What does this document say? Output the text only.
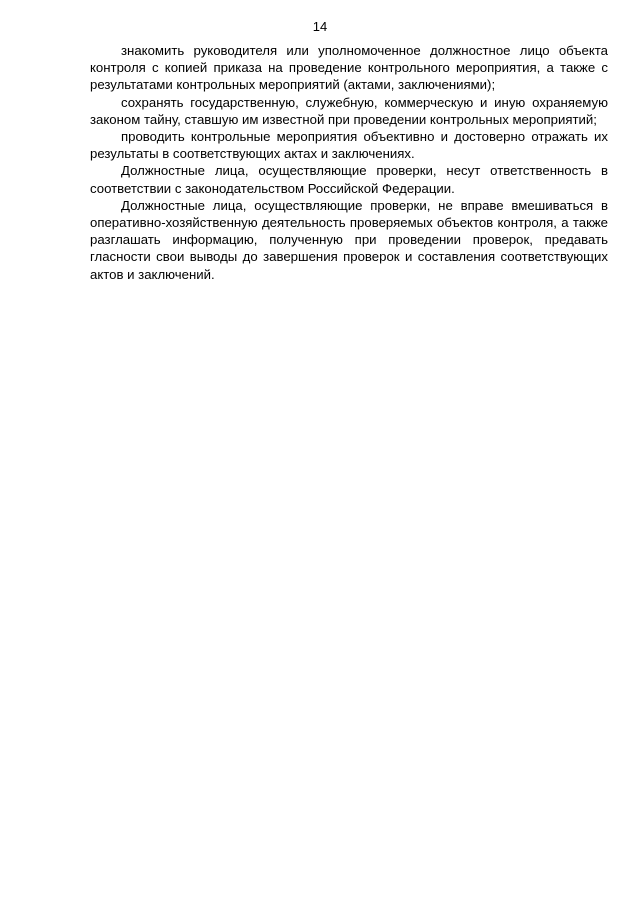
14

знакомить руководителя или уполномоченное должностное лицо объекта контроля с копией приказа на проведение контрольного мероприятия, а также с результатами контрольных мероприятий (актами, заключениями);

сохранять государственную, служебную, коммерческую и иную охраняемую законом тайну, ставшую им известной при проведении контрольных мероприятий;

проводить контрольные мероприятия объективно и достоверно отражать их результаты в соответствующих актах и заключениях.

Должностные лица, осуществляющие проверки, несут ответственность в соответствии с законодательством Российской Федерации.

Должностные лица, осуществляющие проверки, не вправе вмешиваться в оперативно-хозяйственную деятельность проверяемых объектов контроля, а также разглашать информацию, полученную при проведении проверок, предавать гласности свои выводы до завершения проверок и составления соответствующих актов и заключений.
